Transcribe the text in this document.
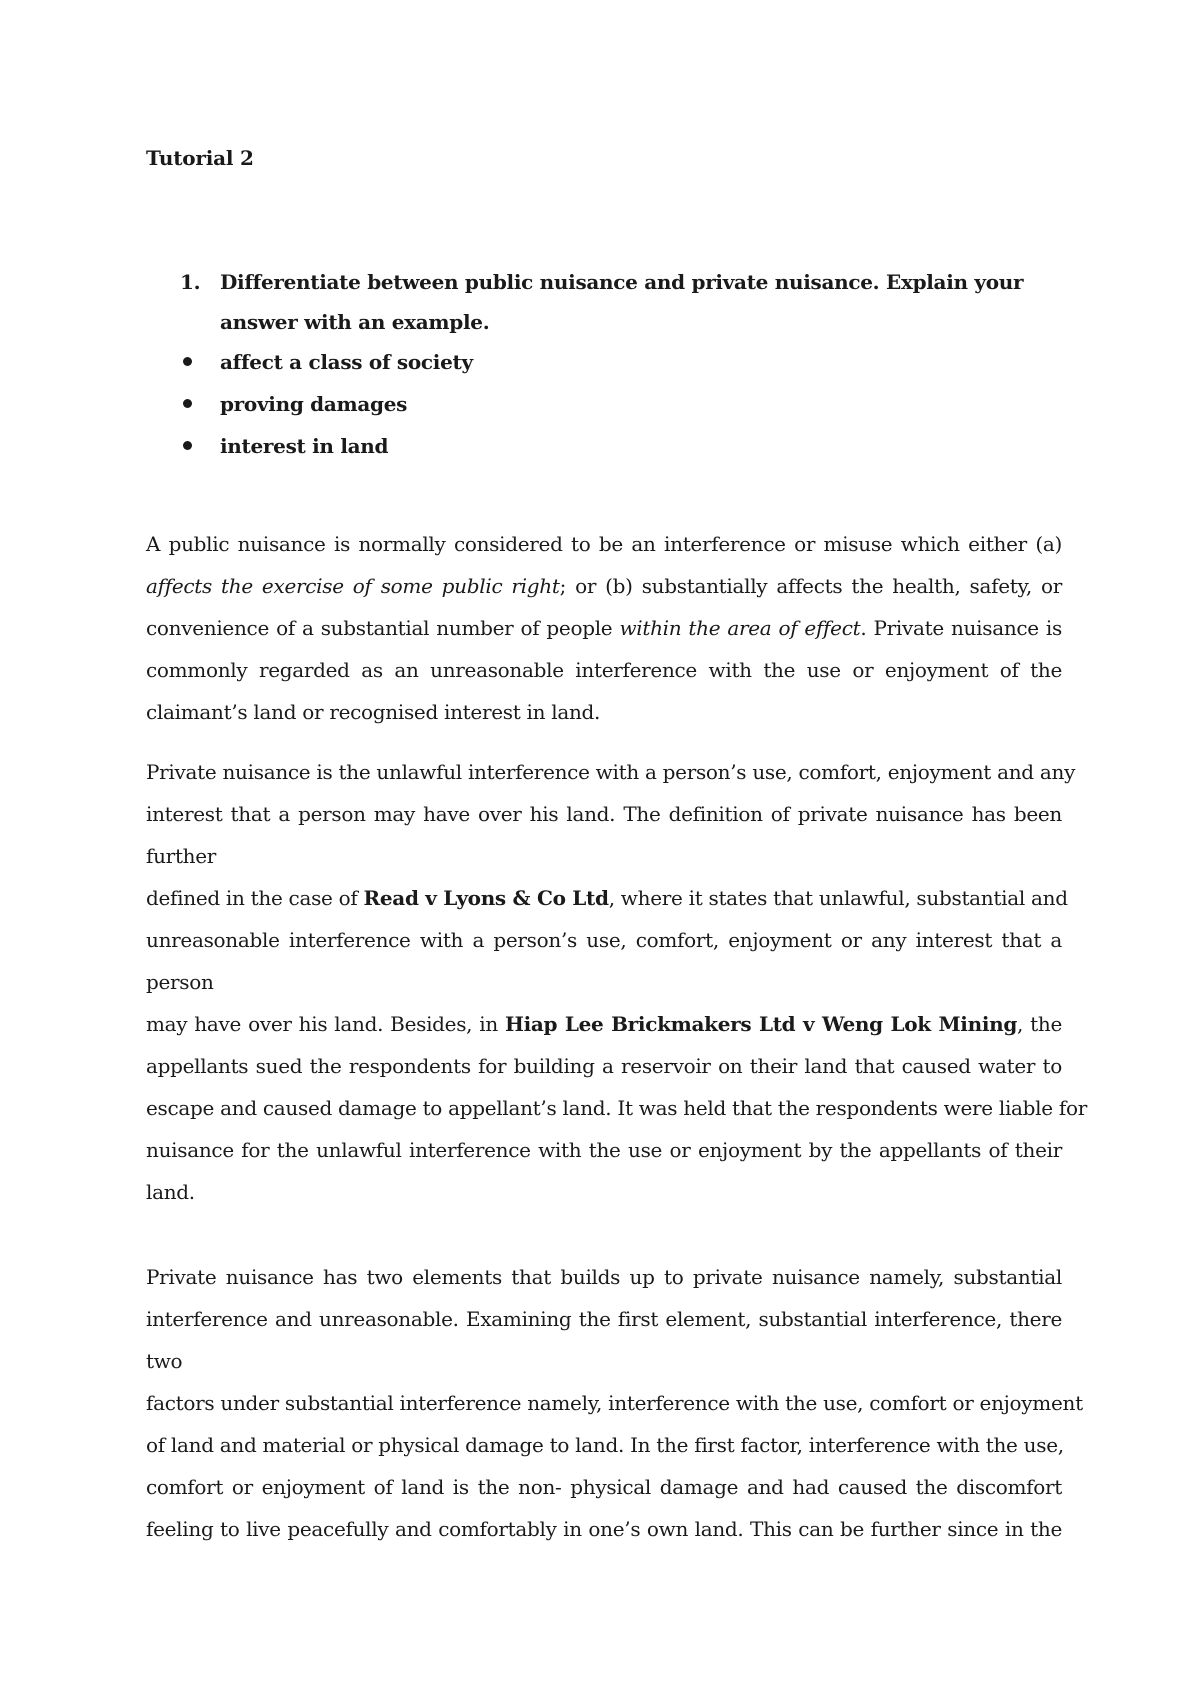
Tutorial 2
1. Differentiate between public nuisance and private nuisance. Explain your answer with an example.
affect a class of society
proving damages
interest in land
A public nuisance is normally considered to be an interference or misuse which either (a)
affects the exercise of some public right; or (b) substantially affects the health, safety, or
convenience of a substantial number of people within the area of effect. Private nuisance is
commonly regarded as an unreasonable interference with the use or enjoyment of the
claimant’s land or recognised interest in land.
Private nuisance is the unlawful interference with a person’s use, comfort, enjoyment and any
interest that a person may have over his land. The definition of private nuisance has been
further
defined in the case of Read v Lyons & Co Ltd, where it states that unlawful, substantial and
unreasonable interference with a person’s use, comfort, enjoyment or any interest that a
person
may have over his land. Besides, in Hiap Lee Brickmakers Ltd v Weng Lok Mining, the
appellants sued the respondents for building a reservoir on their land that caused water to
escape and caused damage to appellant’s land. It was held that the respondents were liable for
nuisance for the unlawful interference with the use or enjoyment by the appellants of their
land.
Private nuisance has two elements that builds up to private nuisance namely, substantial
interference and unreasonable. Examining the first element, substantial interference, there
two
factors under substantial interference namely, interference with the use, comfort or enjoyment
of land and material or physical damage to land. In the first factor, interference with the use,
comfort or enjoyment of land is the non- physical damage and had caused the discomfort
feeling to live peacefully and comfortably in one’s own land. This can be further since in the
